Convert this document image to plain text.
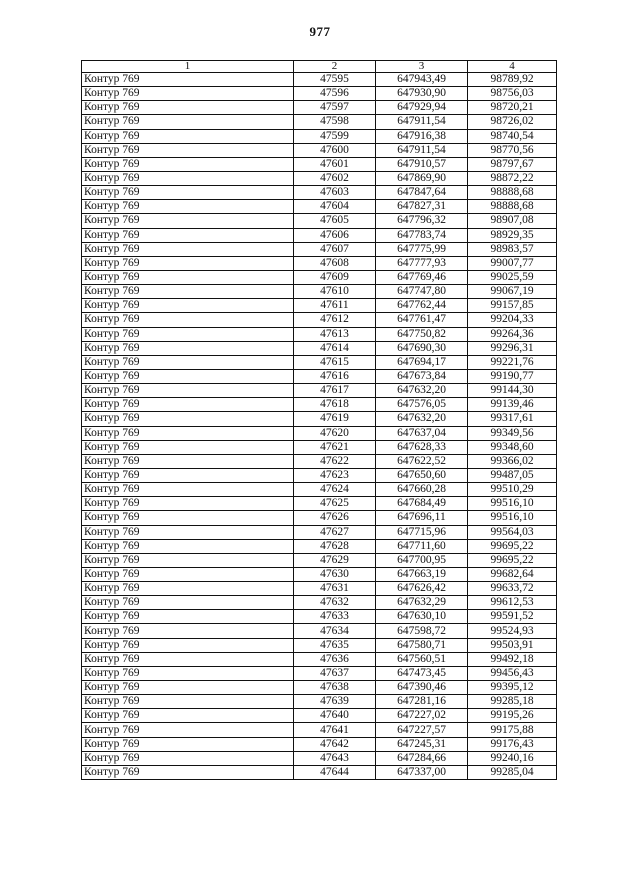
977
1	2	3	4
Контур 769	47595	647943,49	98789,92
Контур 769	47596	647930,90	98756,03
Контур 769	47597	647929,94	98720,21
Контур 769	47598	647911,54	98726,02
Контур 769	47599	647916,38	98740,54
Контур 769	47600	647911,54	98770,56
Контур 769	47601	647910,57	98797,67
Контур 769	47602	647869,90	98872,22
Контур 769	47603	647847,64	98888,68
Контур 769	47604	647827,31	98888,68
Контур 769	47605	647796,32	98907,08
Контур 769	47606	647783,74	98929,35
Контур 769	47607	647775,99	98983,57
Контур 769	47608	647777,93	99007,77
Контур 769	47609	647769,46	99025,59
Контур 769	47610	647747,80	99067,19
Контур 769	47611	647762,44	99157,85
Контур 769	47612	647761,47	99204,33
Контур 769	47613	647750,82	99264,36
Контур 769	47614	647690,30	99296,31
Контур 769	47615	647694,17	99221,76
Контур 769	47616	647673,84	99190,77
Контур 769	47617	647632,20	99144,30
Контур 769	47618	647576,05	99139,46
Контур 769	47619	647632,20	99317,61
Контур 769	47620	647637,04	99349,56
Контур 769	47621	647628,33	99348,60
Контур 769	47622	647622,52	99366,02
Контур 769	47623	647650,60	99487,05
Контур 769	47624	647660,28	99510,29
Контур 769	47625	647684,49	99516,10
Контур 769	47626	647696,11	99516,10
Контур 769	47627	647715,96	99564,03
Контур 769	47628	647711,60	99695,22
Контур 769	47629	647700,95	99695,22
Контур 769	47630	647663,19	99682,64
Контур 769	47631	647626,42	99633,72
Контур 769	47632	647632,29	99612,53
Контур 769	47633	647630,10	99591,52
Контур 769	47634	647598,72	99524,93
Контур 769	47635	647580,71	99503,91
Контур 769	47636	647560,51	99492,18
Контур 769	47637	647473,45	99456,43
Контур 769	47638	647390,46	99395,12
Контур 769	47639	647281,16	99285,18
Контур 769	47640	647227,02	99195,26
Контур 769	47641	647227,57	99175,88
Контур 769	47642	647245,31	99176,43
Контур 769	47643	647284,66	99240,16
Контур 769	47644	647337,00	99285,04
